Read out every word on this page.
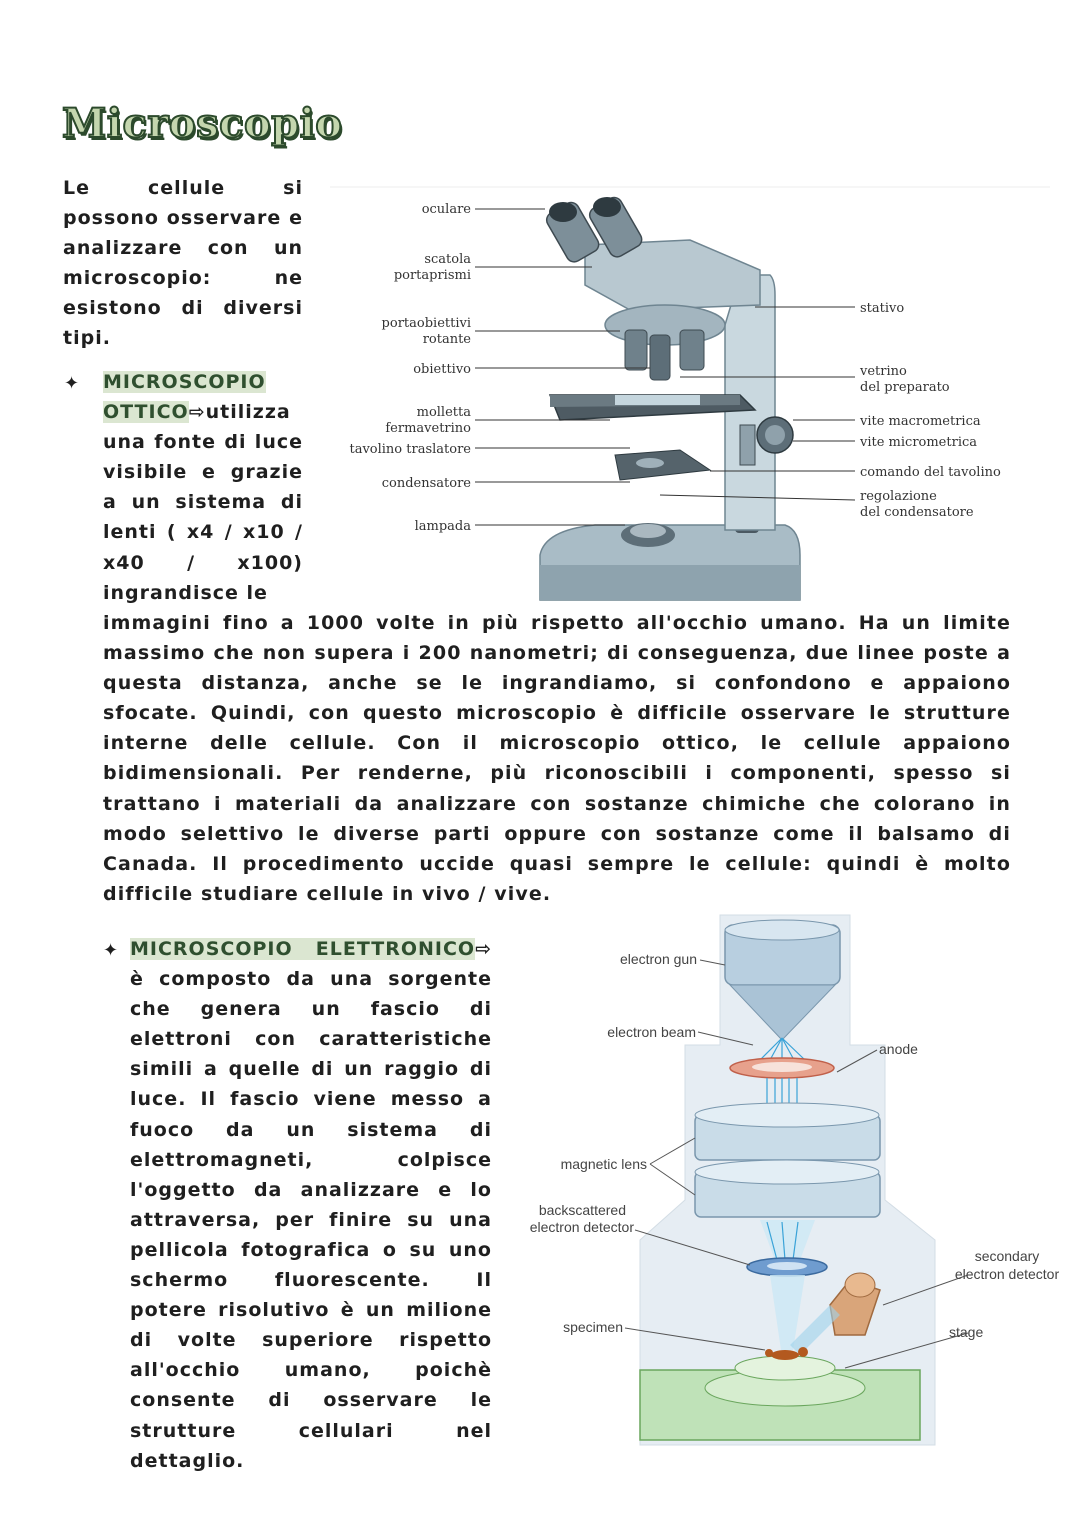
Microscopio

Le cellule si possono osservare e analizzare con un microscopio: ne esistono di diversi tipi.

✦ MICROSCOPIO OTTICO⇨utilizza una fonte di luce visibile e grazie a un sistema di lenti ( x4 / x10 / x40 / x100) ingrandisce le

immagini fino a 1000 volte in più rispetto all'occhio umano. Ha un limite massimo che non supera i 200 nanometri; di conseguenza, due linee poste a questa distanza, anche se le ingrandiamo, si confondono e appaiono sfocate. Quindi, con questo microscopio è difficile osservare le strutture interne delle cellule. Con il microscopio ottico, le cellule appaiono bidimensionali. Per renderne, più riconoscibili i componenti, spesso si trattano i materiali da analizzare con sostanze chimiche che colorano in modo selettivo le diverse parti oppure con sostanze come il balsamo di Canada. Il procedimento uccide quasi sempre le cellule: quindi è molto difficile studiare cellule in vivo / vive.

oculare
scatola
portaprismi
portaobiettivi
rotante
obiettivo
molletta
fermavetrino
tavolino traslatore
condensatore
lampada
stativo
vetrino
del preparato
vite macrometrica
vite micrometrica
comando del tavolino
regolazione
del condensatore
✦ MICROSCOPIO ELETTRONICO⇨ è composto da una sorgente che genera un fascio di elettroni con caratteristiche simili a quelle di un raggio di luce. Il fascio viene messo a fuoco da un sistema di elettromagneti, colpisce l'oggetto da analizzare e lo attraversa, per finire su una pellicola fotografica o su uno schermo fluorescente. Il potere risolutivo è un milione di volte superiore rispetto all'occhio umano, poichè consente di osservare le strutture cellulari nel dettaglio.

electron gun
electron beam
anode
magnetic lens
backscattered
electron detector
secondary
electron detector
specimen	stage
